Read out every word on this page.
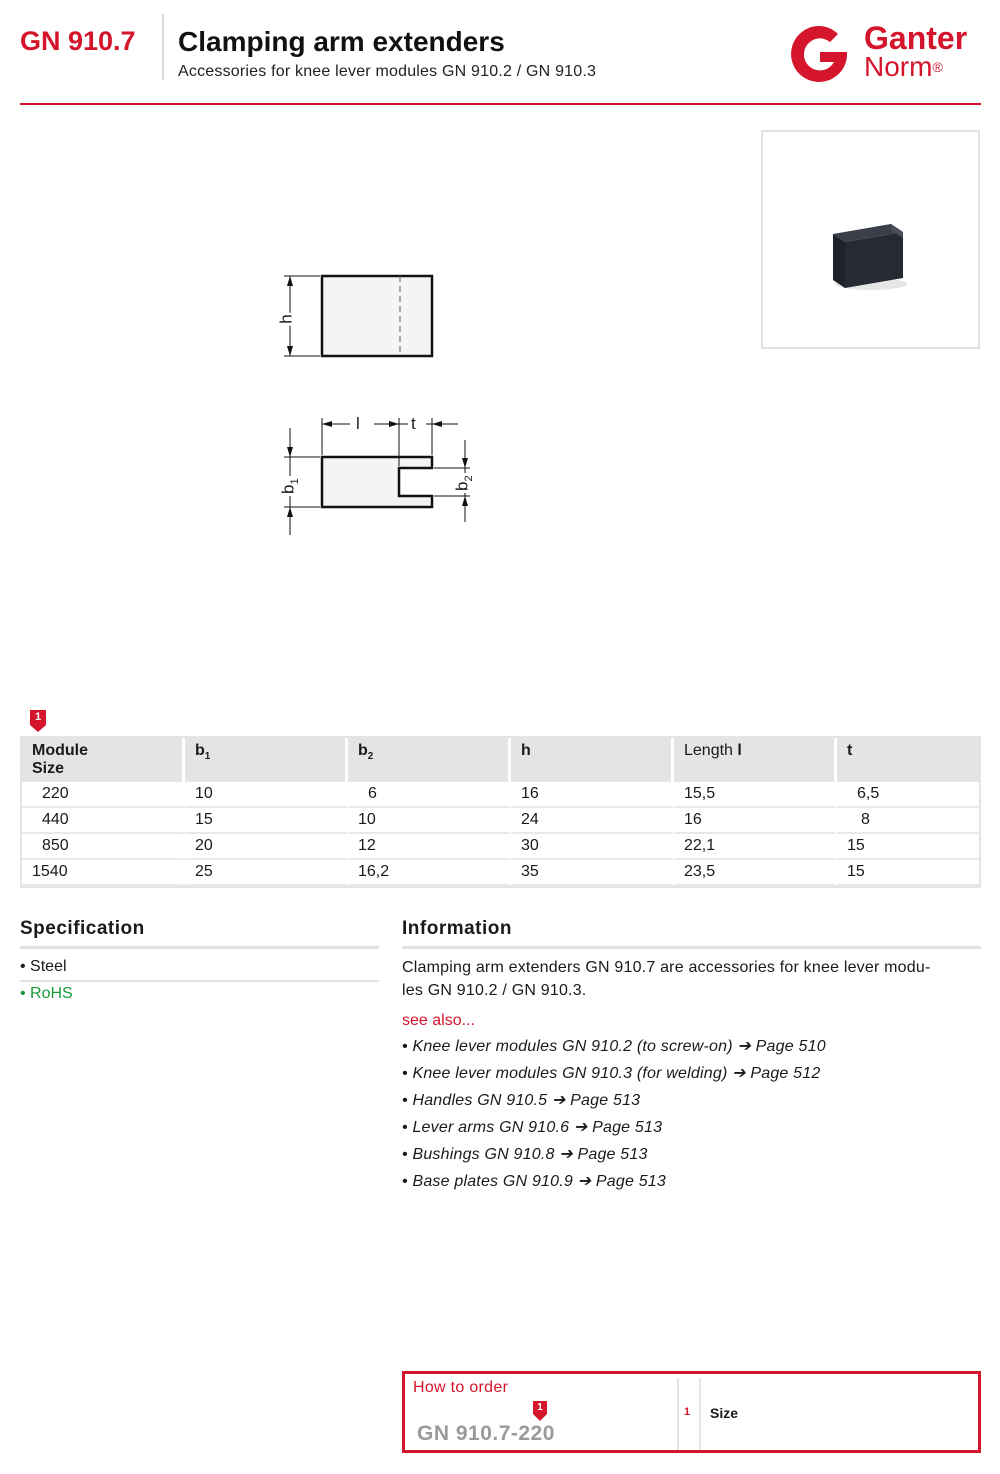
GN 910.7 Clamping arm extenders
Accessories for knee lever modules GN 910.2 / GN 910.3
Ganter
Norm®
h
l	t
$b_1$
$b_2$
1
Module
Size	$b_1$	$b_2$	h	Length l	t
220	10	6	16	15,5	6,5
440	15	10	24	16	8
850	20	12	30	22,1	15
1540	25	16,2	35	23,5	15
Specification
• Steel
• RoHS
Information
Clamping arm extenders GN 910.7 are accessories for knee lever modu-
les GN 910.2 / GN 910.3.
see also...
• Knee lever modules GN 910.2 (to screw-on) ➔ Page 510
• Knee lever modules GN 910.3 (for welding) ➔ Page 512
• Handles GN 910.5 ➔ Page 513
• Lever arms GN 910.6 ➔ Page 513
• Bushings GN 910.8 ➔ Page 513
• Base plates GN 910.9 ➔ Page 513
How to order
1
GN 910.7-220
1 Size
